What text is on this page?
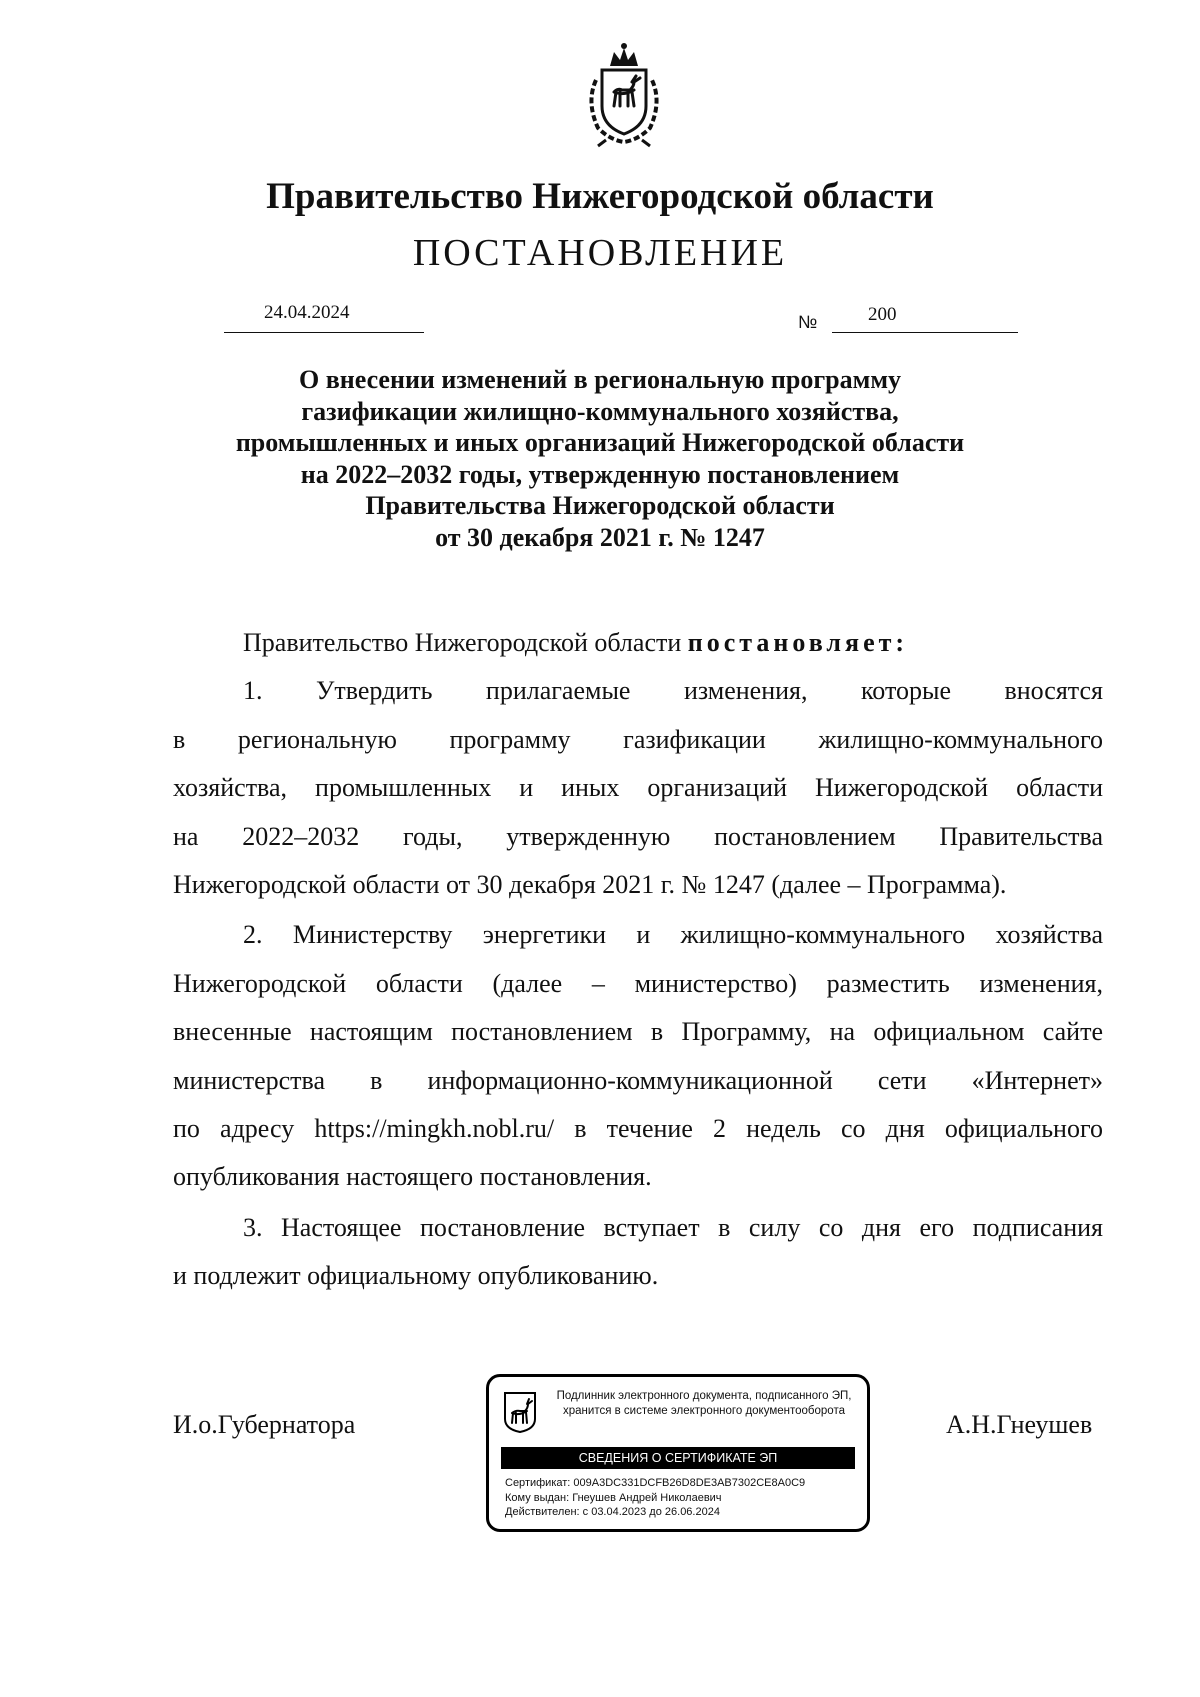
Правительство Нижегородской области
ПОСТАНОВЛЕНИЕ
24.04.2024	№	200
О внесении изменений в региональную программу
газификации жилищно-коммунального хозяйства,
промышленных и иных организаций Нижегородской области
на 2022–2032 годы, утвержденную постановлением
Правительства Нижегородской области
от 30 декабря 2021 г. № 1247
Правительство Нижегородской области постановляет:
1. Утвердить прилагаемые изменения, которые вносятся
в региональную программу газификации жилищно-коммунального
хозяйства, промышленных и иных организаций Нижегородской области
на 2022–2032 годы, утвержденную постановлением Правительства
Нижегородской области от 30 декабря 2021 г. № 1247 (далее – Программа).
2. Министерству энергетики и жилищно-коммунального хозяйства
Нижегородской области (далее – министерство) разместить изменения,
внесенные настоящим постановлением в Программу, на официальном сайте
министерства в информационно-коммуникационной сети «Интернет»
по адресу https://mingkh.nobl.ru/ в течение 2 недель со дня официального
опубликования настоящего постановления.
3. Настоящее постановление вступает в силу со дня его подписания
и подлежит официальному опубликованию.
И.о.Губернатора	А.Н.Гнеушев
Подлинник электронного документа, подписанного ЭП,
хранится в системе электронного документооборота
СВЕДЕНИЯ О СЕРТИФИКАТЕ ЭП
Сертификат: 009A3DC331DCFB26D8DE3AB7302CE8A0C9
Кому выдан: Гнеушев Андрей Николаевич
Действителен: с 03.04.2023 до 26.06.2024
